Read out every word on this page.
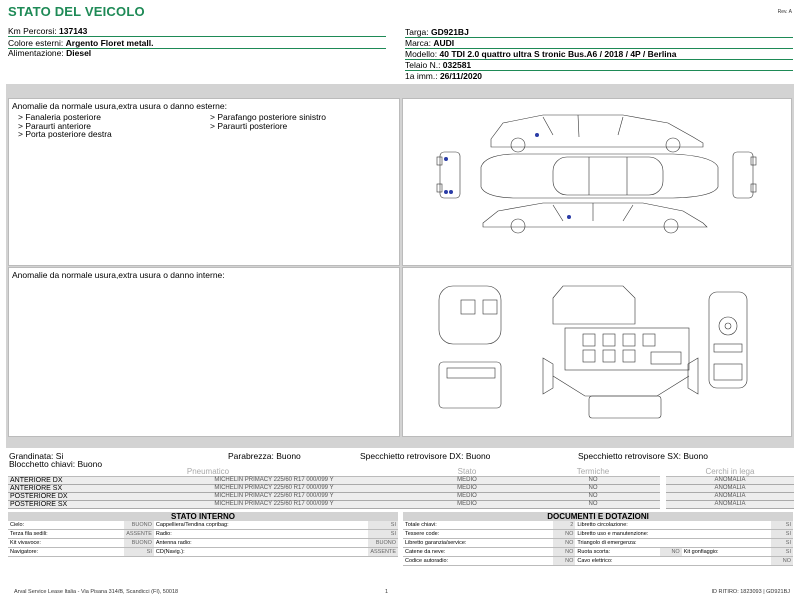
STATO DEL VEICOLO	Rev. A
Km Percorsi: 137143
Colore esterni: Argento Floret metall.
Alimentazione: Diesel
Targa: GD921BJ
Marca: AUDI
Modello: 40 TDI 2.0 quattro ultra S tronic Bus.A6 / 2018 / 4P / Berlina
Telaio N.: 032581
1a imm.: 26/11/2020
Anomalie da normale usura,extra usura o danno esterne:
> Fanaleria posteriore
> Paraurti anteriore
> Porta posteriore destra
> Parafango posteriore sinistro
> Paraurti posteriore
Anomalie da normale usura,extra usura o danno interne:
Grandinata: Si	Parabrezza: Buono	Specchietto retrovisore DX: Buono	Specchietto retrovisore SX: Buono
Blocchetto chiavi: Buono
Pneumatico		Stato	Termiche		Cerchi in lega
ANTERIORE DX	MICHELIN PRIMACY 225/60 R17 000/099 Y	MEDIO	NO		ANOMALIA
ANTERIORE SX	MICHELIN PRIMACY 225/60 R17 000/099 Y	MEDIO	NO		ANOMALIA
POSTERIORE DX	MICHELIN PRIMACY 225/60 R17 000/099 Y	MEDIO	NO		ANOMALIA
POSTERIORE SX	MICHELIN PRIMACY 225/60 R17 000/099 Y	MEDIO	NO		ANOMALIA
STATO INTERNO
Cielo:	BUONO	Cappelliera/Tendina copribag:	SI
Terza fila sedili:	ASSENTE	Radio:	SI
Kit vivavoce:	BUONO	Antenna radio:	BUONO
Navigatore:	SI	CD(Navig.):	ASSENTE
DOCUMENTI E DOTAZIONI
Totale chiavi:	2	Libretto circolazione:			SI
Tessere code:	NO	Libretto uso e manutenzione:			SI
Libretto garanzia/service:	NO	Triangolo di emergenza:			SI
Catene da neve:	NO	Ruota scorta:	NO	Kit gonfiaggio:	SI
Codice autoradio:	NO	Cavo elettrico:			NO
Arval Service Lease Italia - Via Pisana 314/B, Scandicci (FI), 50018	1	ID RITIRO: 1823093 | GD921BJ
